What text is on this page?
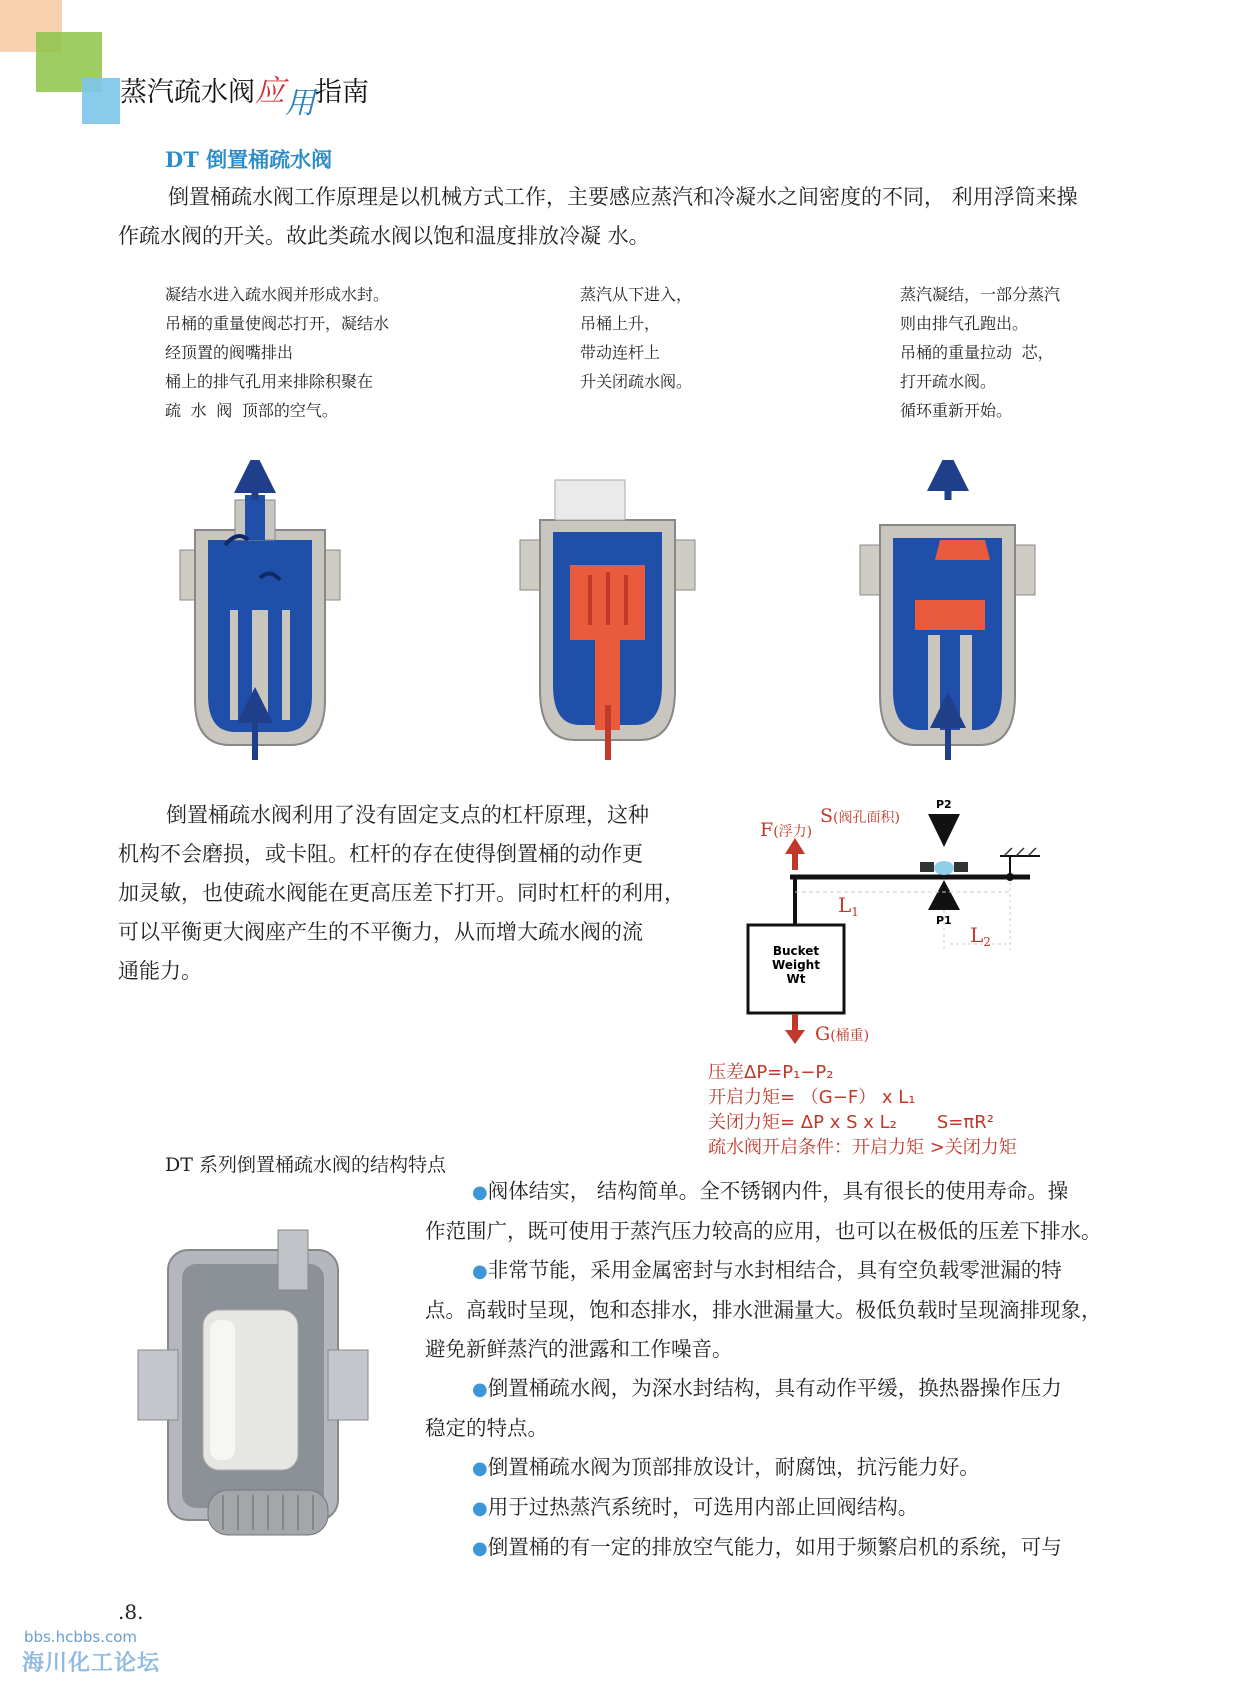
蒸汽疏水阀应用指南
DT 倒置桶疏水阀
倒置桶疏水阀工作原理是以机械方式工作，主要感应蒸汽和冷凝水之间密度的不同， 利用浮筒来操
作疏水阀的开关。故此类疏水阀以饱和温度排放冷凝 水。
凝结水进入疏水阀并形成水封。
吊桶的重量使阀芯打开，凝结水
经顶置的阀嘴排出
桶上的排气孔用来排除积聚在
疏 水 阀 顶部的空气。
蒸汽从下进入，
吊桶上升，
带动连杆上
升关闭疏水阀。
蒸汽凝结，一部分蒸汽
则由排气孔跑出。
吊桶的重量拉动 芯，
打开疏水阀。
循环重新开始。
倒置桶疏水阀利用了没有固定支点的杠杆原理，这种
机构不会磨损，或卡阻。杠杆的存在使得倒置桶的动作更
加灵敏，也使疏水阀能在更高压差下打开。同时杠杆的利用，
可以平衡更大阀座产生的不平衡力，从而增大疏水阀的流
通能力。
Bucket
Weight
Wt
G(桶重)
F(浮力)
S(阀孔面积)
P2
P1
$L_1$
$L_2$
压差ΔP=P₁−P₂
开启力矩= （G−F） x L₁
关闭力矩= ΔP x S x L₂ S=πR²
疏水阀开启条件：开启力矩 >关闭力矩
DT 系列倒置桶疏水阀的结构特点
●阀体结实， 结构简单。全不锈钢内件，具有很长的使用寿命。操
作范围广，既可使用于蒸汽压力较高的应用，也可以在极低的压差下排水。
●非常节能，采用金属密封与水封相结合，具有空负载零泄漏的特
点。高载时呈现，饱和态排水，排水泄漏量大。极低负载时呈现滴排现象，
避免新鲜蒸汽的泄露和工作噪音。
●倒置桶疏水阀，为深水封结构，具有动作平缓，换热器操作压力
稳定的特点。
●倒置桶疏水阀为顶部排放设计，耐腐蚀，抗污能力好。
●用于过热蒸汽系统时，可选用内部止回阀结构。
●倒置桶的有一定的排放空气能力，如用于频繁启机的系统，可与
.8.
bbs.hcbbs.com
海川化工论坛
